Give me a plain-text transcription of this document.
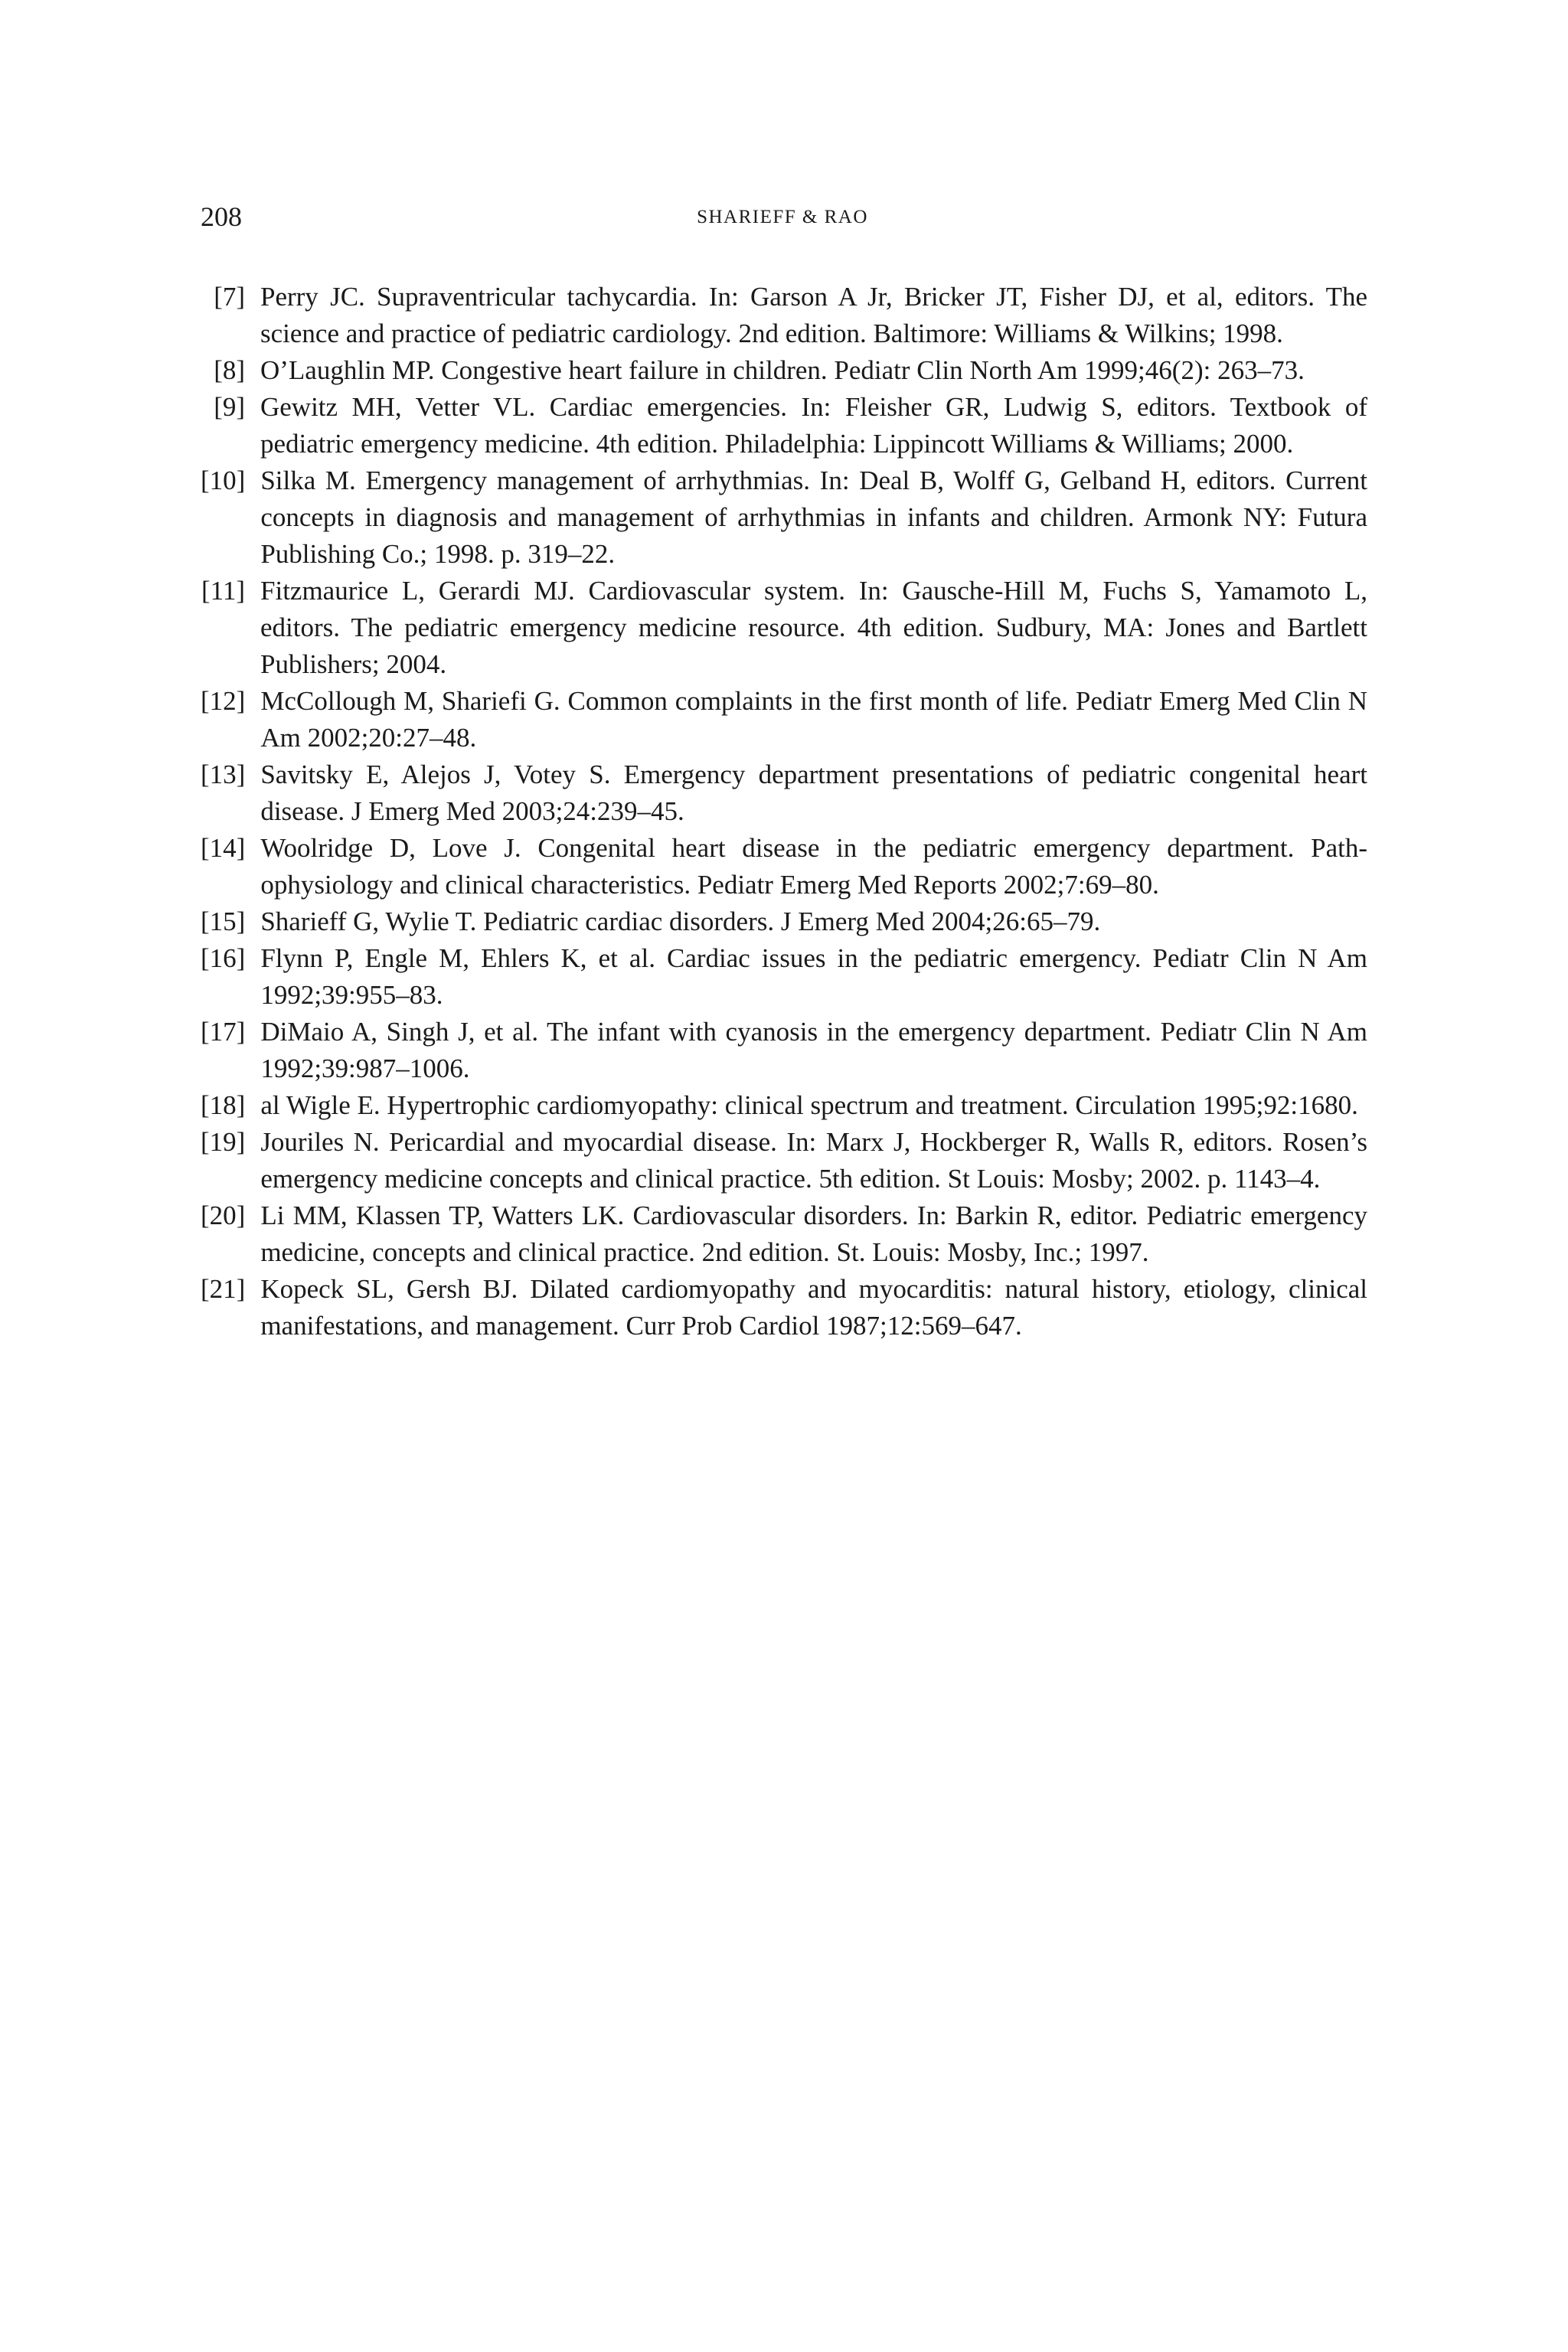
208	SHARIEFF & RAO
[7] Perry JC. Supraventricular tachycardia. In: Garson A Jr, Bricker JT, Fisher DJ, et al, editors. The science and practice of pediatric cardiology. 2nd edition. Baltimore: Williams & Wilkins; 1998.
[8] O’Laughlin MP. Congestive heart failure in children. Pediatr Clin North Am 1999;46(2): 263–73.
[9] Gewitz MH, Vetter VL. Cardiac emergencies. In: Fleisher GR, Ludwig S, editors. Textbook of pediatric emergency medicine. 4th edition. Philadelphia: Lippincott Williams & Williams; 2000.
[10] Silka M. Emergency management of arrhythmias. In: Deal B, Wolff G, Gelband H, editors. Current concepts in diagnosis and management of arrhythmias in infants and children. Armonk NY: Futura Publishing Co.; 1998. p. 319–22.
[11] Fitzmaurice L, Gerardi MJ. Cardiovascular system. In: Gausche-Hill M, Fuchs S, Yamamoto L, editors. The pediatric emergency medicine resource. 4th edition. Sudbury, MA: Jones and Bartlett Publishers; 2004.
[12] McCollough M, Shariefi G. Common complaints in the first month of life. Pediatr Emerg Med Clin N Am 2002;20:27–48.
[13] Savitsky E, Alejos J, Votey S. Emergency department presentations of pediatric congenital heart disease. J Emerg Med 2003;24:239–45.
[14] Woolridge D, Love J. Congenital heart disease in the pediatric emergency department. Pathophysiology and clinical characteristics. Pediatr Emerg Med Reports 2002;7:69–80.
[15] Sharieff G, Wylie T. Pediatric cardiac disorders. J Emerg Med 2004;26:65–79.
[16] Flynn P, Engle M, Ehlers K, et al. Cardiac issues in the pediatric emergency. Pediatr Clin N Am 1992;39:955–83.
[17] DiMaio A, Singh J, et al. The infant with cyanosis in the emergency department. Pediatr Clin N Am 1992;39:987–1006.
[18] al Wigle E. Hypertrophic cardiomyopathy: clinical spectrum and treatment. Circulation 1995;92:1680.
[19] Jouriles N. Pericardial and myocardial disease. In: Marx J, Hockberger R, Walls R, editors. Rosen’s emergency medicine concepts and clinical practice. 5th edition. St Louis: Mosby; 2002. p. 1143–4.
[20] Li MM, Klassen TP, Watters LK. Cardiovascular disorders. In: Barkin R, editor. Pediatric emergency medicine, concepts and clinical practice. 2nd edition. St. Louis: Mosby, Inc.; 1997.
[21] Kopeck SL, Gersh BJ. Dilated cardiomyopathy and myocarditis: natural history, etiology, clinical manifestations, and management. Curr Prob Cardiol 1987;12:569–647.
